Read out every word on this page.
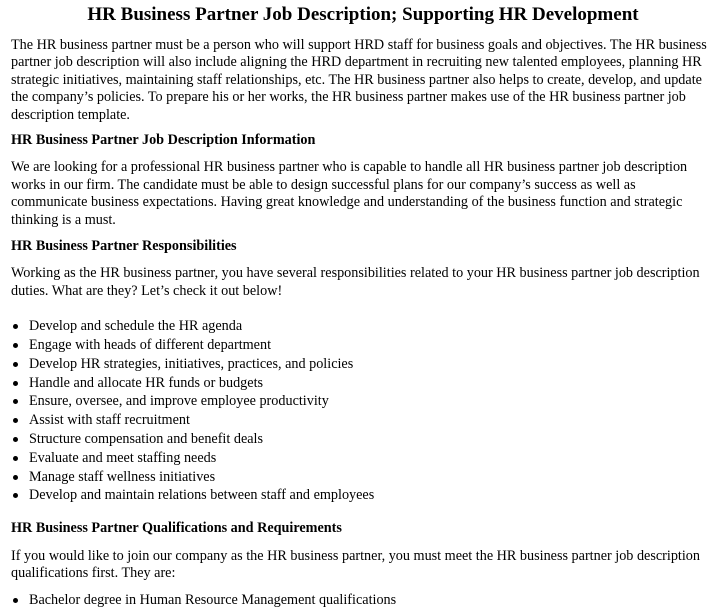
HR Business Partner Job Description; Supporting HR Development

The HR business partner must be a person who will support HRD staff for business goals and objectives. The HR business partner job description will also include aligning the HRD department in recruiting new talented employees, planning HR strategic initiatives, maintaining staff relationships, etc. The HR business partner also helps to create, develop, and update the company’s policies. To prepare his or her works, the HR business partner makes use of the HR business partner job description template.

HR Business Partner Job Description Information

We are looking for a professional HR business partner who is capable to handle all HR business partner job description works in our firm. The candidate must be able to design successful plans for our company’s success as well as communicate business expectations. Having great knowledge and understanding of the business function and strategic thinking is a must.

HR Business Partner Responsibilities

Working as the HR business partner, you have several responsibilities related to your HR business partner job description duties. What are they? Let’s check it out below!

Develop and schedule the HR agenda
Engage with heads of different department
Develop HR strategies, initiatives, practices, and policies
Handle and allocate HR funds or budgets
Ensure, oversee, and improve employee productivity
Assist with staff recruitment
Structure compensation and benefit deals
Evaluate and meet staffing needs
Manage staff wellness initiatives
Develop and maintain relations between staff and employees
HR Business Partner Qualifications and Requirements

If you would like to join our company as the HR business partner, you must meet the HR business partner job description qualifications first. They are:

Bachelor degree in Human Resource Management qualifications
